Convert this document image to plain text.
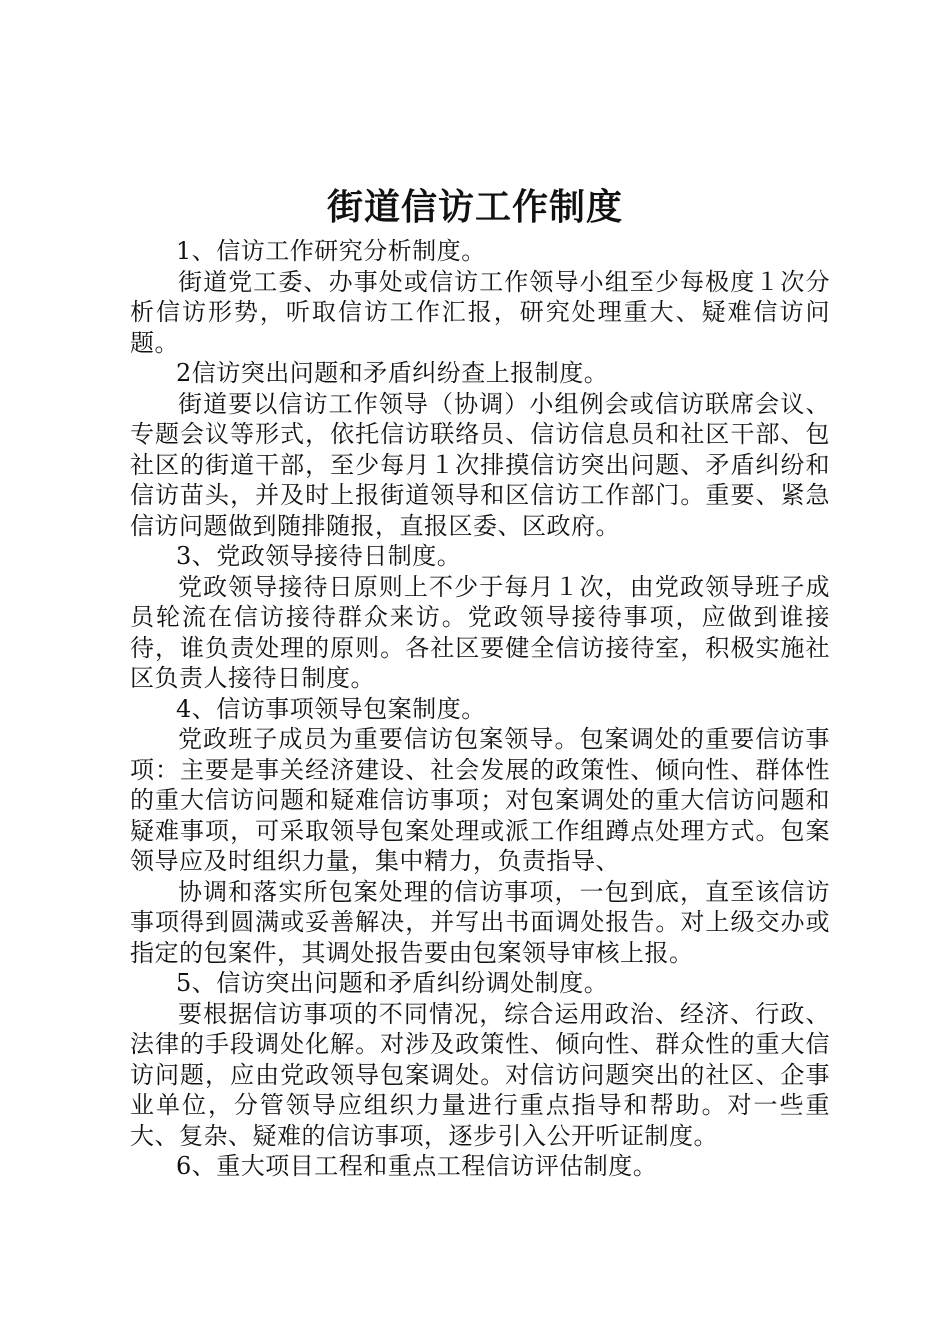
街道信访工作制度

1、信访工作研究分析制度。

街道党工委、办事处或信访工作领导小组至少每极度１次分析信访形势，听取信访工作汇报，研究处理重大、疑难信访问题。

2信访突出问题和矛盾纠纷查上报制度。

街道要以信访工作领导（协调）小组例会或信访联席会议、专题会议等形式，依托信访联络员、信访信息员和社区干部、包社区的街道干部，至少每月１次排摸信访突出问题、矛盾纠纷和信访苗头，并及时上报街道领导和区信访工作部门。重要、紧急信访问题做到随排随报，直报区委、区政府。

3、党政领导接待日制度。

党政领导接待日原则上不少于每月１次，由党政领导班子成员轮流在信访接待群众来访。党政领导接待事项，应做到谁接待，谁负责处理的原则。各社区要健全信访接待室，积极实施社区负责人接待日制度。

4、信访事项领导包案制度。

党政班子成员为重要信访包案领导。包案调处的重要信访事项：主要是事关经济建设、社会发展的政策性、倾向性、群体性的重大信访问题和疑难信访事项；对包案调处的重大信访问题和疑难事项，可采取领导包案处理或派工作组蹲点处理方式。包案领导应及时组织力量，集中精力，负责指导、

协调和落实所包案处理的信访事项，一包到底，直至该信访事项得到圆满或妥善解决，并写出书面调处报告。对上级交办或指定的包案件，其调处报告要由包案领导审核上报。

5、信访突出问题和矛盾纠纷调处制度。

要根据信访事项的不同情况，综合运用政治、经济、行政、法律的手段调处化解。对涉及政策性、倾向性、群众性的重大信访问题，应由党政领导包案调处。对信访问题突出的社区、企事业单位，分管领导应组织力量进行重点指导和帮助。对一些重大、复杂、疑难的信访事项，逐步引入公开听证制度。

6、重大项目工程和重点工程信访评估制度。
